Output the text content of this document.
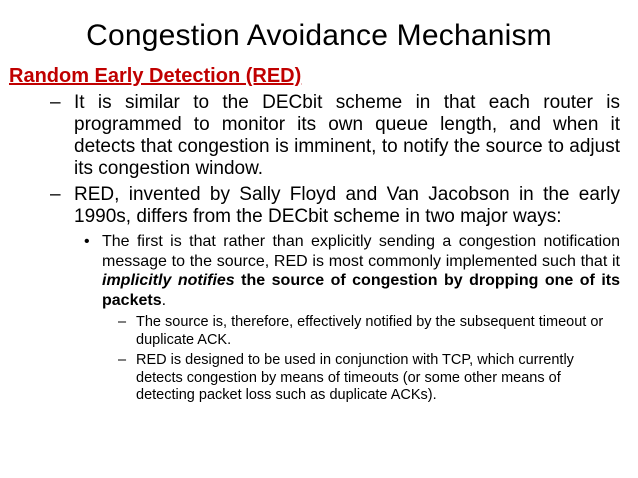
Congestion Avoidance Mechanism
Random Early Detection (RED)
– It is similar to the DECbit scheme in that each router is programmed to monitor its own queue length, and when it detects that congestion is imminent, to notify the source to adjust its congestion window.
– RED, invented by Sally Floyd and Van Jacobson in the early 1990s, differs from the DECbit scheme in two major ways:
• The first is that rather than explicitly sending a congestion notification message to the source, RED is most commonly implemented such that it implicitly notifies the source of congestion by dropping one of its packets.
– The source is, therefore, effectively notified by the subsequent timeout or duplicate ACK.
– RED is designed to be used in conjunction with TCP, which currently detects congestion by means of timeouts (or some other means of detecting packet loss such as duplicate ACKs).
